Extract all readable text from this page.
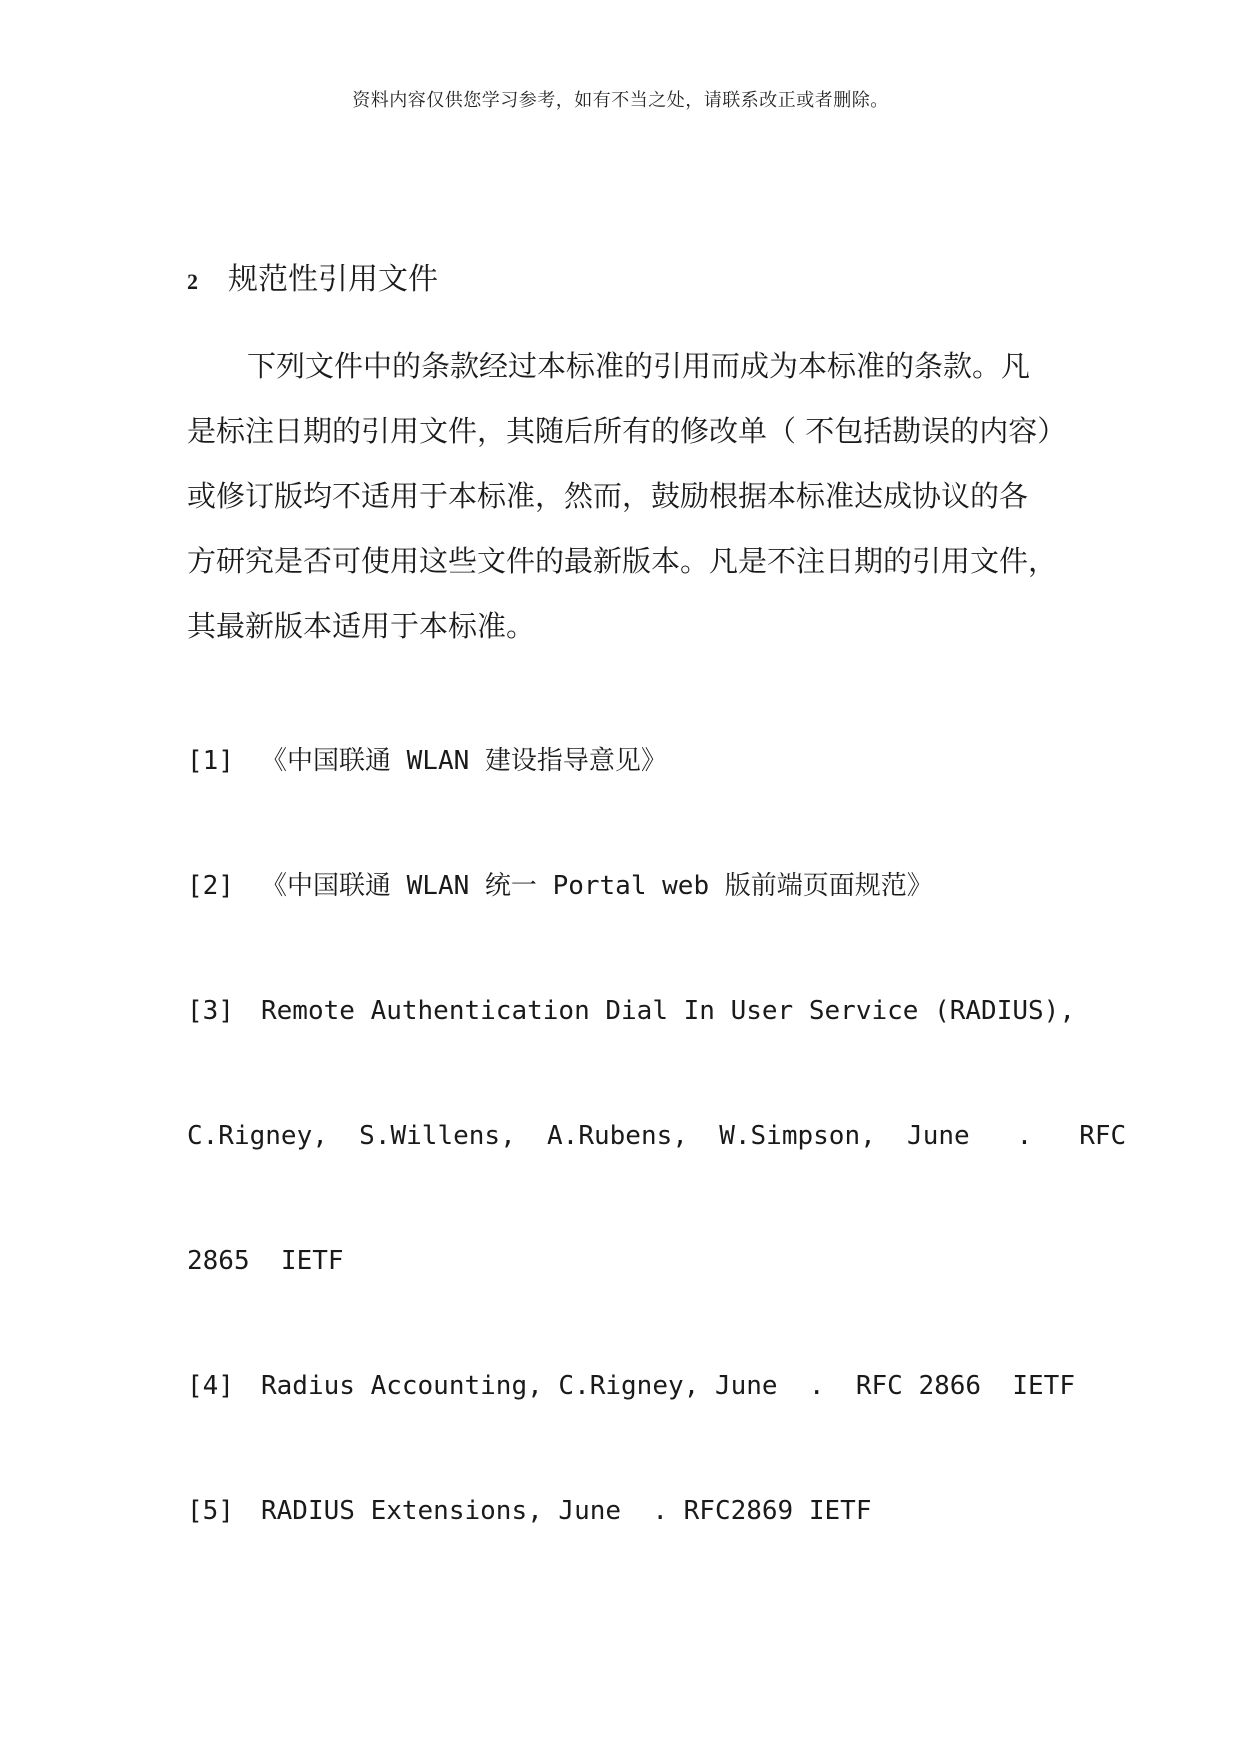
资料内容仅供您学习参考，如有不当之处，请联系改正或者删除。
2 规范性引用文件
下列文件中的条款经过本标准的引用而成为本标准的条款。凡
是标注日期的引用文件，其随后所有的修改单（ 不包括勘误的内容）
或修订版均不适用于本标准，然而，鼓励根据本标准达成协议的各
方研究是否可使用这些文件的最新版本。凡是不注日期的引用文件，
其最新版本适用于本标准。

[1] 《中国联通 WLAN 建设指导意见》

[2] 《中国联通 WLAN 统一 Portal web 版前端页面规范》

[3] Remote Authentication Dial In User Service (RADIUS),

C.Rigney,  S.Willens,  A.Rubens,  W.Simpson,  June   .   RFC

2865  IETF

[4] Radius Accounting, C.Rigney, June  .  RFC 2866  IETF

[5] RADIUS Extensions, June  . RFC2869 IETF
